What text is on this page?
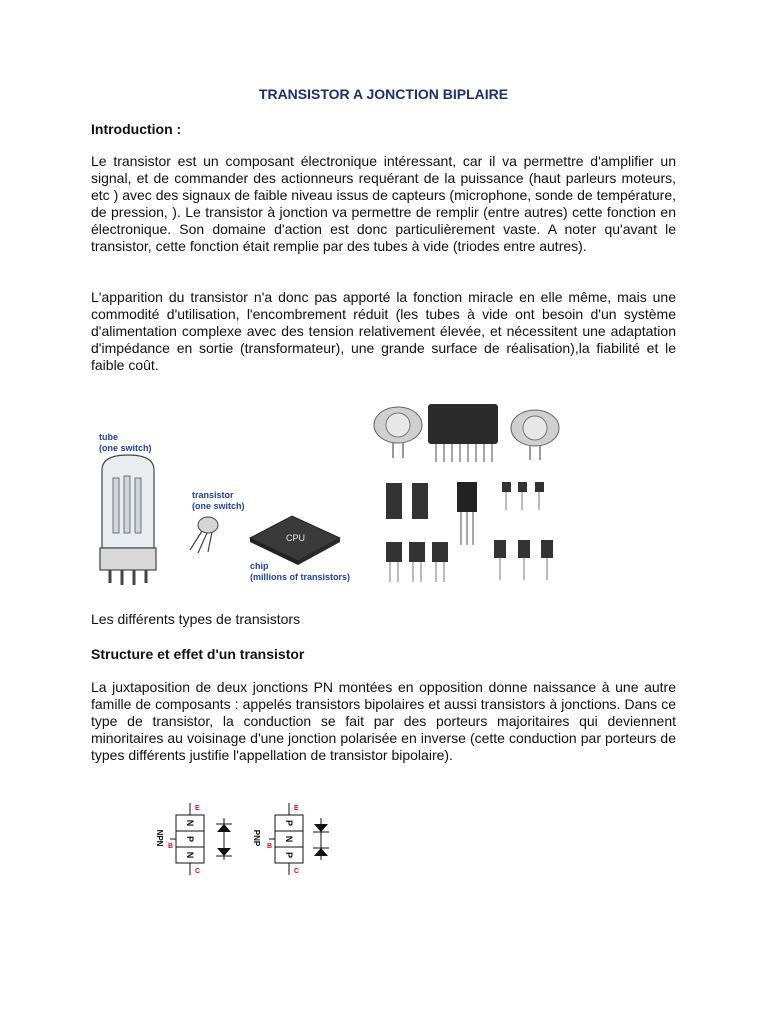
TRANSISTOR A JONCTION BIPLAIRE

Introduction :

Le transistor est un composant électronique intéressant, car il va permettre d'amplifier un signal, et de commander des actionneurs requérant de la puissance (haut parleurs moteurs, etc ) avec des signaux de faible niveau issus de capteurs (microphone, sonde de température, de pression, ). Le transistor à jonction va permettre de remplir (entre autres) cette fonction en électronique. Son domaine d'action est donc particulièrement vaste. A noter qu'avant le transistor, cette fonction était remplie par des tubes à vide (triodes entre autres).

L'apparition du transistor n'a donc pas apporté la fonction miracle en elle même, mais une commodité d'utilisation, l'encombrement réduit (les tubes à vide ont besoin d'un système d'alimentation complexe avec des tension relativement élevée, et nécessitent une adaptation d'impédance en sortie (transformateur), une grande surface de réalisation),la fiabilité et le faible coût.

tube
(one switch)
transistor
(one switch)
CPU
chip
(millions of transistors)
NPN
N
P
N
E
B
C
PNP
P
N
P
E
B
C

Les différents types de transistors

Structure et effet d'un transistor

La juxtaposition de deux jonctions PN montées en opposition donne naissance à une autre famille de composants : appelés transistors bipolaires et aussi transistors à jonctions. Dans ce type de transistor, la conduction se fait par des porteurs majoritaires qui deviennent minoritaires au voisinage d'une jonction polarisée en inverse (cette conduction par porteurs de types différents justifie l'appellation de transistor bipolaire).
